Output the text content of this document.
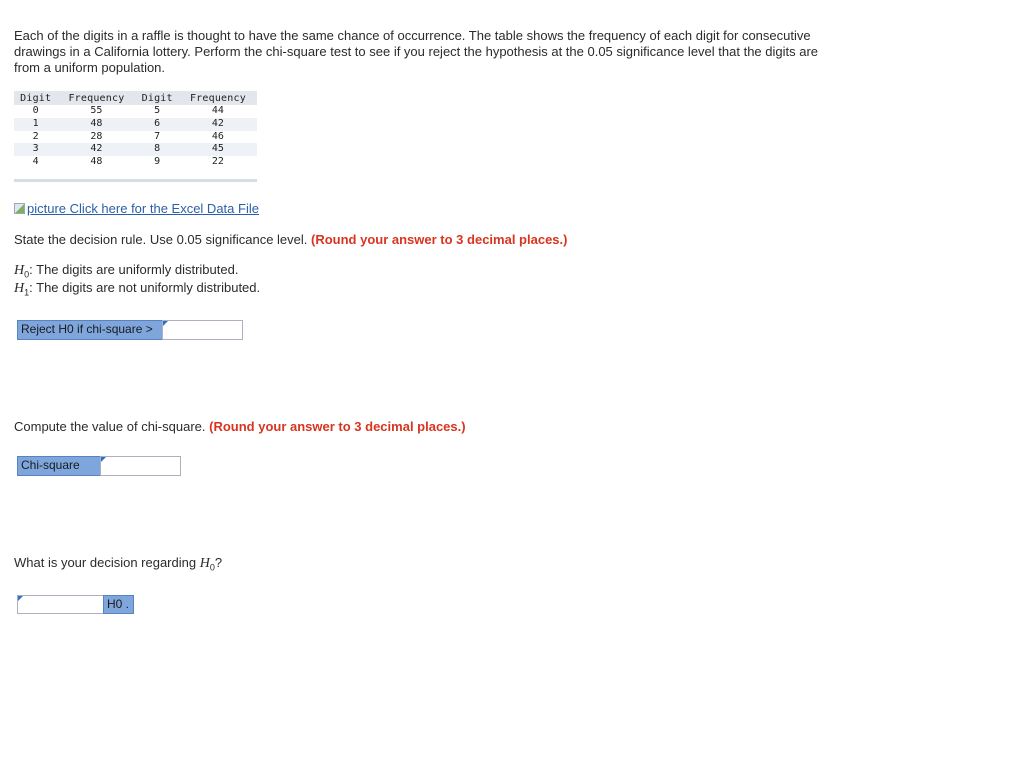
Each of the digits in a raffle is thought to have the same chance of occurrence. The table shows the frequency of each digit for consecutive drawings in a California lottery. Perform the chi-square test to see if you reject the hypothesis at the 0.05 significance level that the digits are from a uniform population.

Digit	Frequency	Digit	Frequency
0	55	5	44
1	48	6	42
2	28	7	46
3	42	8	45
4	48	9	22
picture Click here for the Excel Data File

State the decision rule. Use 0.05 significance level. (Round your answer to 3 decimal places.)

$H_0$: The digits are uniformly distributed.

$H_1$: The digits are not uniformly distributed.

Reject H0 if chi-square >

Compute the value of chi-square. (Round your answer to 3 decimal places.)

Chi-square

What is your decision regarding $H_0$?

H0 .
